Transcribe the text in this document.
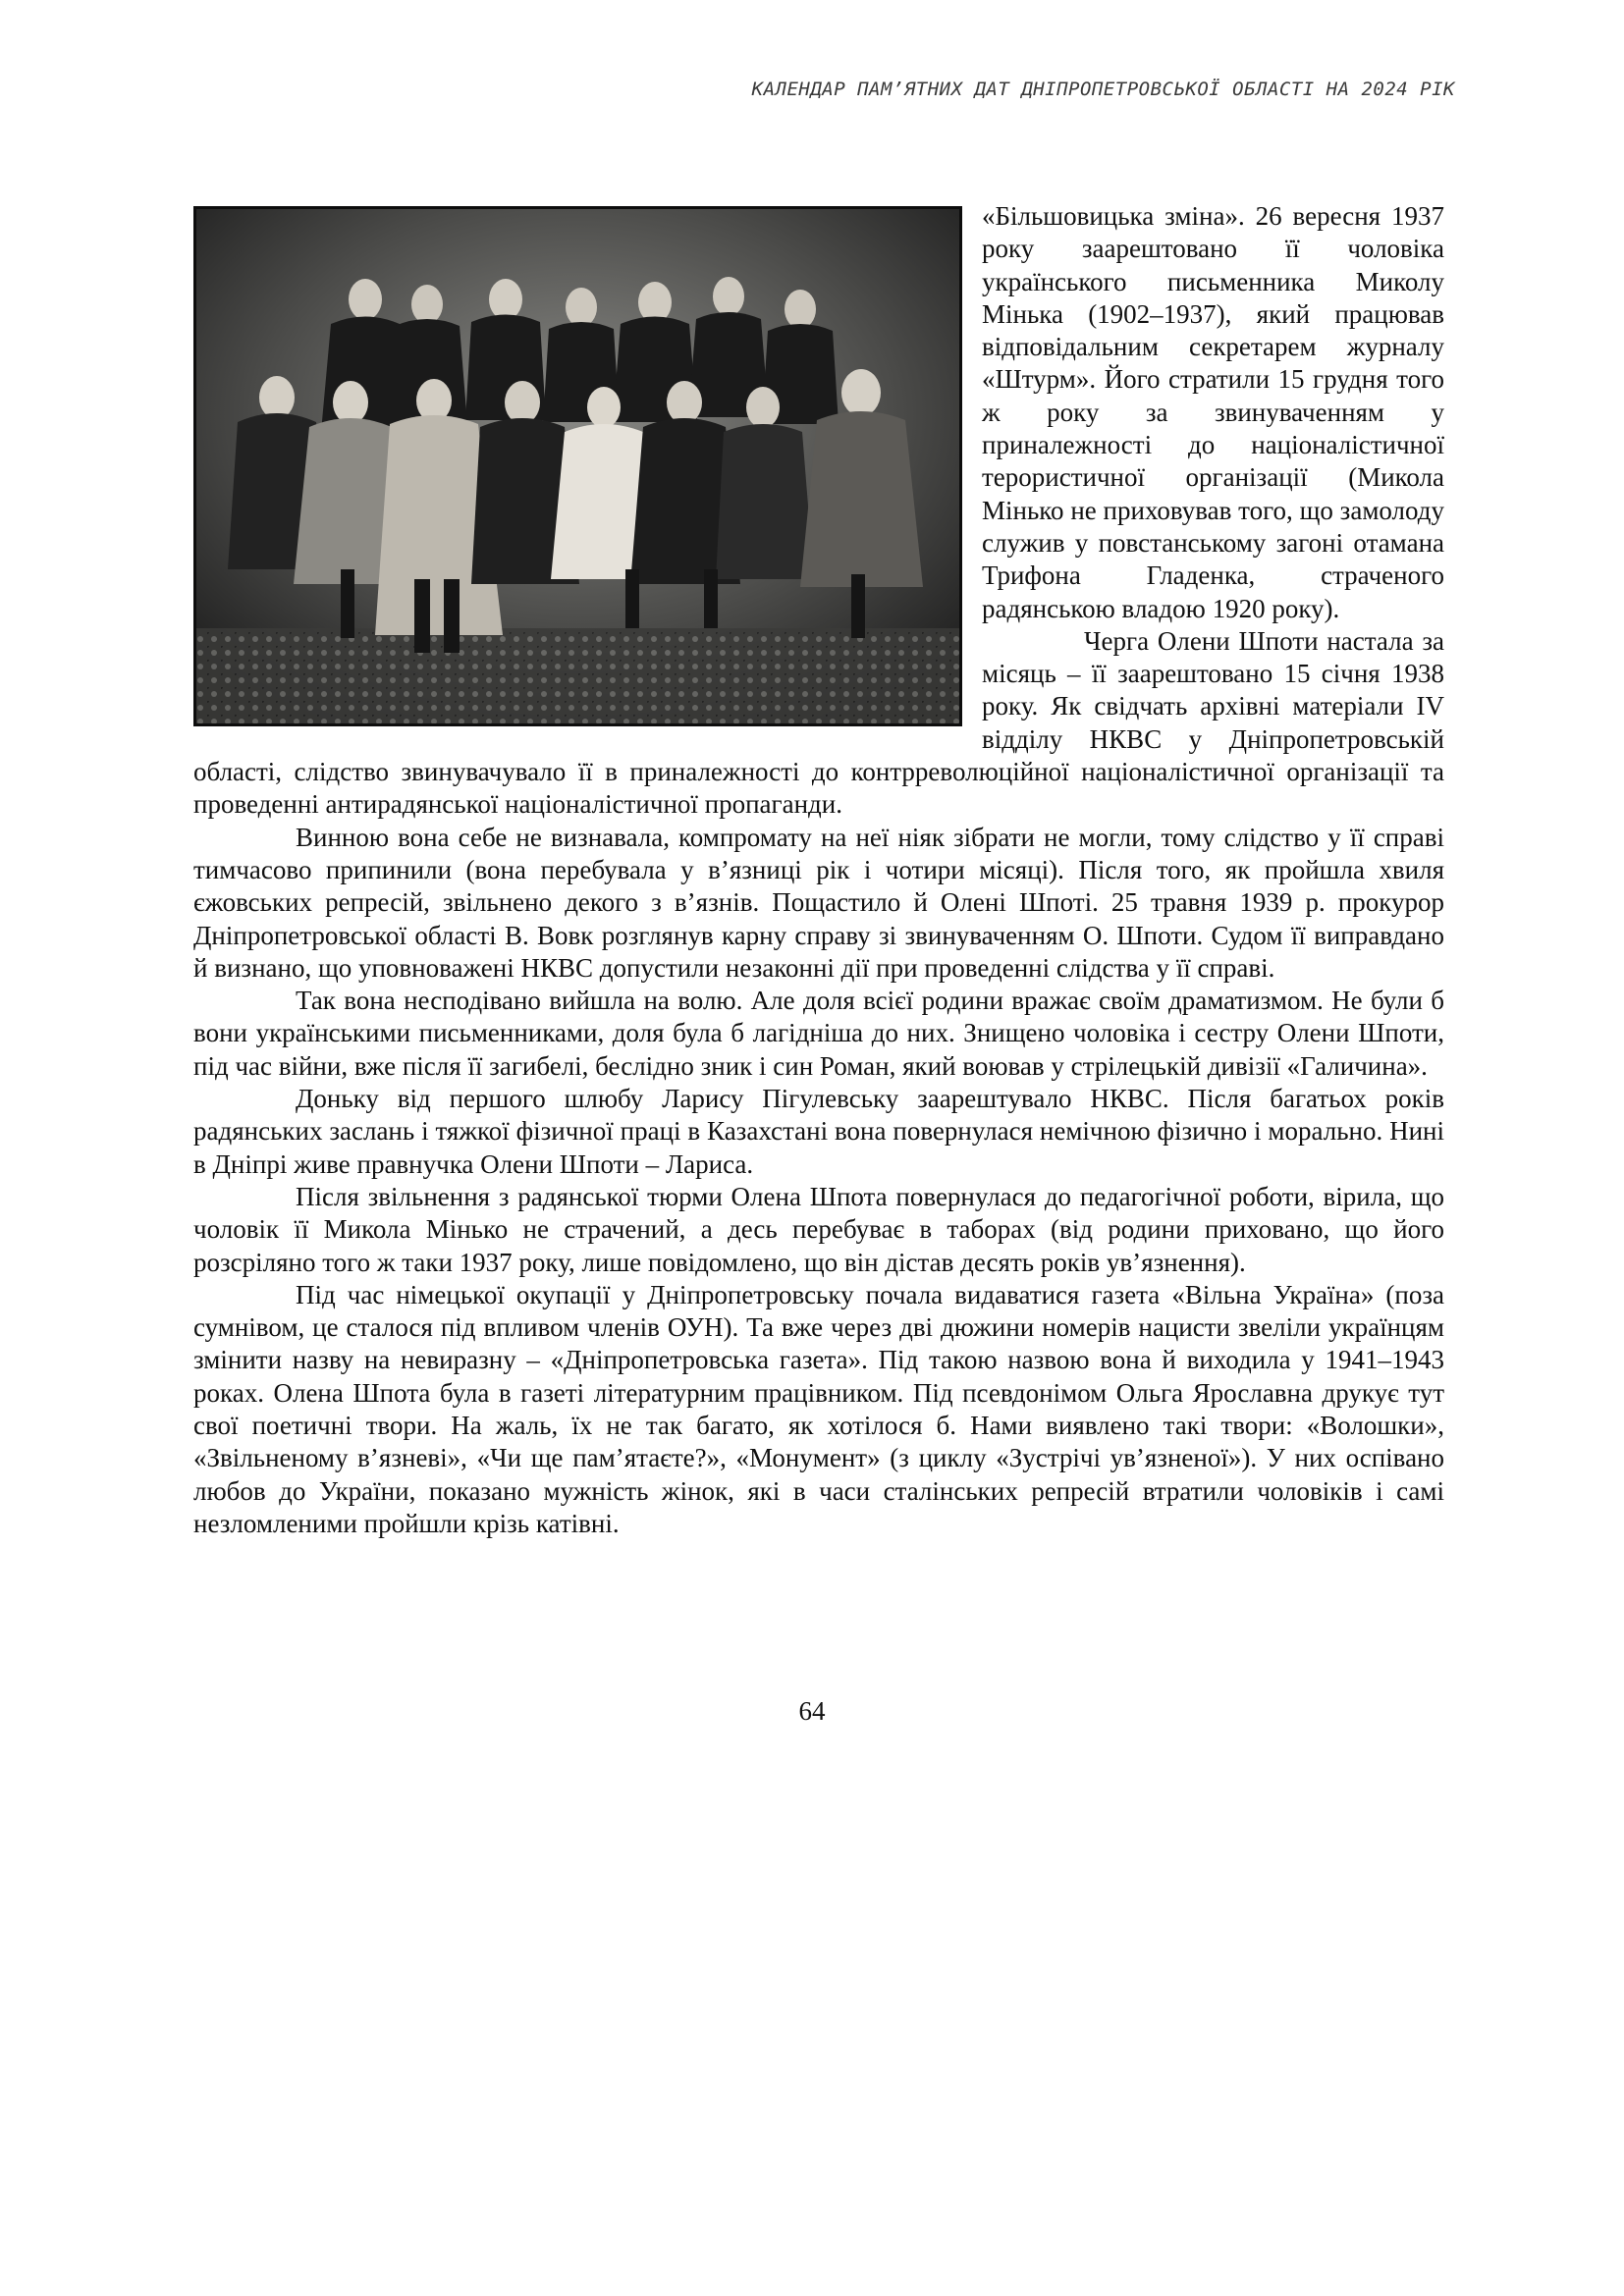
КАЛЕНДАР ПАМ’ЯТНИХ ДАТ ДНІПРОПЕТРОВСЬКОЇ ОБЛАСТІ НА 2024 РІК

«Більшовицька зміна». 26 вересня 1937 року заарештовано її чоловіка українського письменника Миколу Мінька (1902–1937), який працював відповідальним секретарем журналу «Штурм». Його стратили 15 грудня того ж року за звинуваченням у приналежності до націоналістичної терористичної організації (Микола Мінько не приховував того, що замолоду служив у повстанському загоні отамана Трифона Гладенка, страченого радянською владою 1920 року).

Черга Олени Шпоти настала за місяць – її заарештовано 15 січня 1938 року. Як свідчать архівні матеріали IV відділу НКВС у Дніпропетровській області, слідство звинувачувало її в приналежності до контрреволюційної націоналістичної організації та проведенні антирадянської націоналістичної пропаганди.

Винною вона себе не визнавала, компромату на неї ніяк зібрати не могли, тому слідство у її справі тимчасово припинили (вона перебувала у в’язниці рік і чотири місяці). Після того, як пройшла хвиля єжовських репресій, звільнено декого з в’язнів. Пощастило й Олені Шпоті. 25 травня 1939 р. прокурор Дніпропетровської області В. Вовк розглянув карну справу зі звинуваченням О. Шпоти. Судом її виправдано й визнано, що уповноважені НКВС допустили незаконні дії при проведенні слідства у її справі.

Так вона несподівано вийшла на волю. Але доля всієї родини вражає своїм драматизмом. Не були б вони українськими письменниками, доля була б лагіднішa до них. Знищено чоловіка і сестру Олени Шпоти, під час війни, вже після її загибелі, беслідно зник і син Роман, який воював у стрілецькій дивізії «Галичина».

Доньку від першого шлюбу Ларису Пігулевську заарештувало НКВС. Після багатьох років радянських заслань і тяжкої фізичної праці в Казахстані вона повернулася немічною фізично і морально. Нині в Дніпрі живе правнучка Олени Шпоти – Лариса.

Після звільнення з радянської тюрми Олена Шпота повернулася до педагогічної роботи, вірила, що чоловік її Микола Мінько не страчений, а десь перебуває в таборах (від родини приховано, що його розсріляно того ж таки 1937 року, лише повідомлено, що він дістав десять років ув’язнення).

Під час німецької окупації у Дніпропетровську почала видаватися газета «Вільна Україна» (поза сумнівом, це сталося під впливом членів ОУН). Та вже через дві дюжини номерів нацисти звеліли українцям змінити назву на невиразну – «Дніпропетровська газета». Під такою назвою вона й виходила у 1941–1943 роках. Олена Шпота була в газеті літературним працівником. Під псевдонімом Ольга Ярославна друкує тут свої поетичні твори. На жаль, їх не так багато, як хотілося б. Нами виявлено такі твори: «Волошки», «Звільненому в’язневі», «Чи ще пам’ятаєте?», «Монyмент» (з циклу «Зустрічі ув’язненої»). У них оспівано любов до України, показано мужність жінок, які в часи сталінських репресій втратили чоловіків і самі незломленими пройшли крізь катівні.

64
